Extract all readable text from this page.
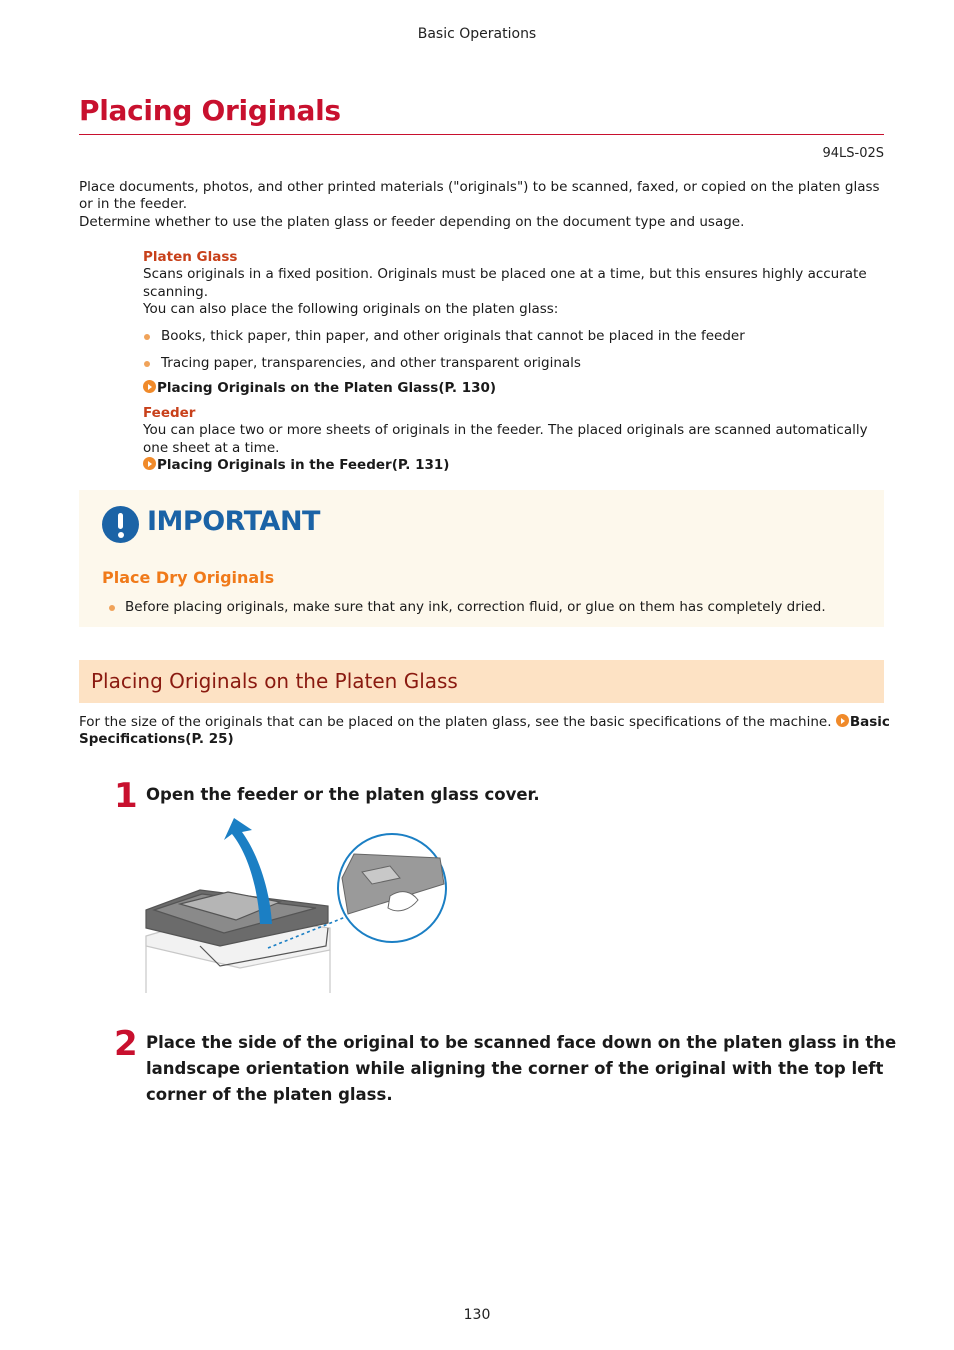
Basic Operations
Placing Originals
94LS-02S
Place documents, photos, and other printed materials ("originals") to be scanned, faxed, or copied on the platen glass
or in the feeder.
Determine whether to use the platen glass or feeder depending on the document type and usage.
Platen Glass
Scans originals in a fixed position. Originals must be placed one at a time, but this ensures highly accurate
scanning.
You can also place the following originals on the platen glass:
Books, thick paper, thin paper, and other originals that cannot be placed in the feeder
Tracing paper, transparencies, and other transparent originals
Placing Originals on the Platen Glass(P. 130)
Feeder
You can place two or more sheets of originals in the feeder. The placed originals are scanned automatically
one sheet at a time.
Placing Originals in the Feeder(P. 131)
IMPORTANT
Place Dry Originals
Before placing originals, make sure that any ink, correction fluid, or glue on them has completely dried.
Placing Originals on the Platen Glass
For the size of the originals that can be placed on the platen glass, see the basic specifications of the machine. Basic
Specifications(P. 25)
1 Open the feeder or the platen glass cover.
2 Place the side of the original to be scanned face down on the platen glass in the
landscape orientation while aligning the corner of the original with the top left
corner of the platen glass.
130
